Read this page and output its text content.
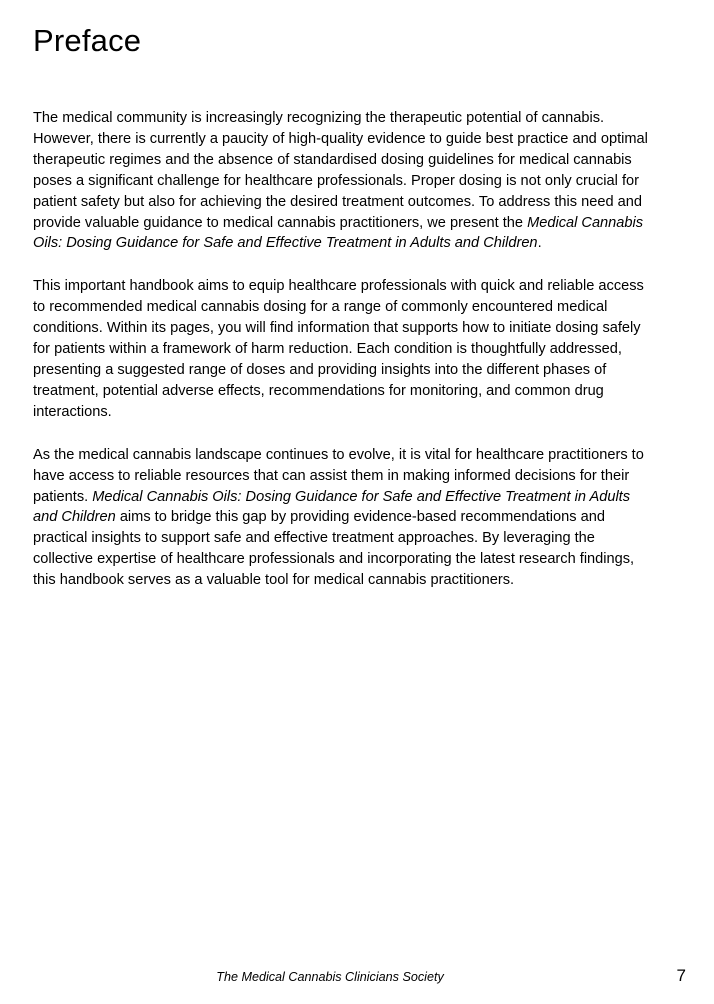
Preface

The medical community is increasingly recognizing the therapeutic potential of cannabis. However, there is currently a paucity of high-quality evidence to guide best practice and optimal therapeutic regimes and the absence of standardised dosing guidelines for medical cannabis poses a significant challenge for healthcare professionals. Proper dosing is not only crucial for patient safety but also for achieving the desired treatment outcomes. To address this need and provide valuable guidance to medical cannabis practitioners, we present the Medical Cannabis Oils: Dosing Guidance for Safe and Effective Treatment in Adults and Children.

This important handbook aims to equip healthcare professionals with quick and reliable access to recommended medical cannabis dosing for a range of commonly encountered medical conditions. Within its pages, you will find information that supports how to initiate dosing safely for patients within a framework of harm reduction. Each condition is thoughtfully addressed, presenting a suggested range of doses and providing insights into the different phases of treatment, potential adverse effects, recommendations for monitoring, and common drug interactions.

As the medical cannabis landscape continues to evolve, it is vital for healthcare practitioners to have access to reliable resources that can assist them in making informed decisions for their patients. Medical Cannabis Oils: Dosing Guidance for Safe and Effective Treatment in Adults and Children aims to bridge this gap by providing evidence-based recommendations and practical insights to support safe and effective treatment approaches. By leveraging the collective expertise of healthcare professionals and incorporating the latest research findings, this handbook serves as a valuable tool for medical cannabis practitioners.

The Medical Cannabis Clinicians Society	7
